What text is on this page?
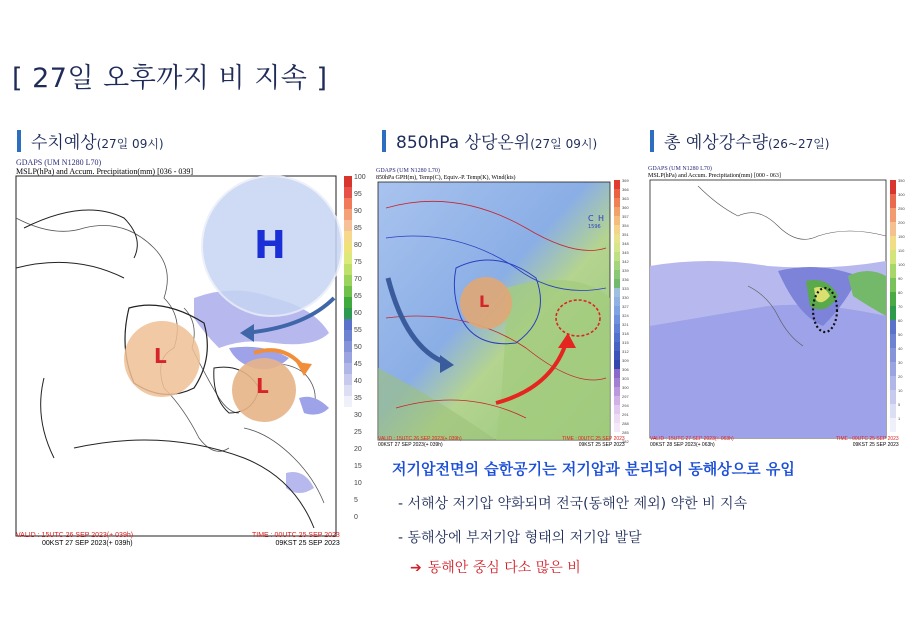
[ 27일 오후까지 비 지속 ]
수치예상 (27일 09시)	850hPa 상당온위 (27일 09시)	총 예상강수량 (26~27일)
GDAPS (UM N1280 L70)
MSLP(hPa) and Accum. Precipitation(mm) [036 - 039]
H
L
L
100
95
90
85
80
75
70
65
60
55
50
45
40
35
30
25
20
15
10
5
0
VALID : 15UTC 26 SEP 2023(+ 039h)
00KST 27 SEP 2023(+ 039h)
TIME : 00UTC 25 SEP 2023
09KST 25 SEP 2023
GDAPS (UM N1280 L70)
850hPa GPH(m), Temp(C), Equiv.-P. Temp(K), Wind(kts)
L
C H
1596
369
366
363
360
357
354
351
348
345
342
339
336
333
330
327
324
321
318
315
312
309
306
303
300
297
294
291
288
285
282
VALID : 15UTC 26 SEP 2023(+ 039h)
00KST 27 SEP 2023(+ 039h)
TIME : 00UTC 25 SEP 2023
09KST 25 SEP 2023
GDAPS (UM N1280 L70)
MSLP(hPa) and Accum. Precipitation(mm) [000 - 063]
350
300
250
200
150
110
100
90
80
70
60
50
40
30
20
10
5
1
VALID : 15UTC 27 SEP 2023(+ 063h)
00KST 28 SEP 2023(+ 063h)
TIME : 00UTC 25 SEP 2023
09KST 25 SEP 2023
저기압전면의 습한공기는 저기압과 분리되어 동해상으로 유입
- 서해상 저기압 약화되며 전국(동해안 제외) 약한 비 지속
- 동해상에 부저기압 형태의 저기압 발달
➔ 동해안 중심 다소 많은 비
